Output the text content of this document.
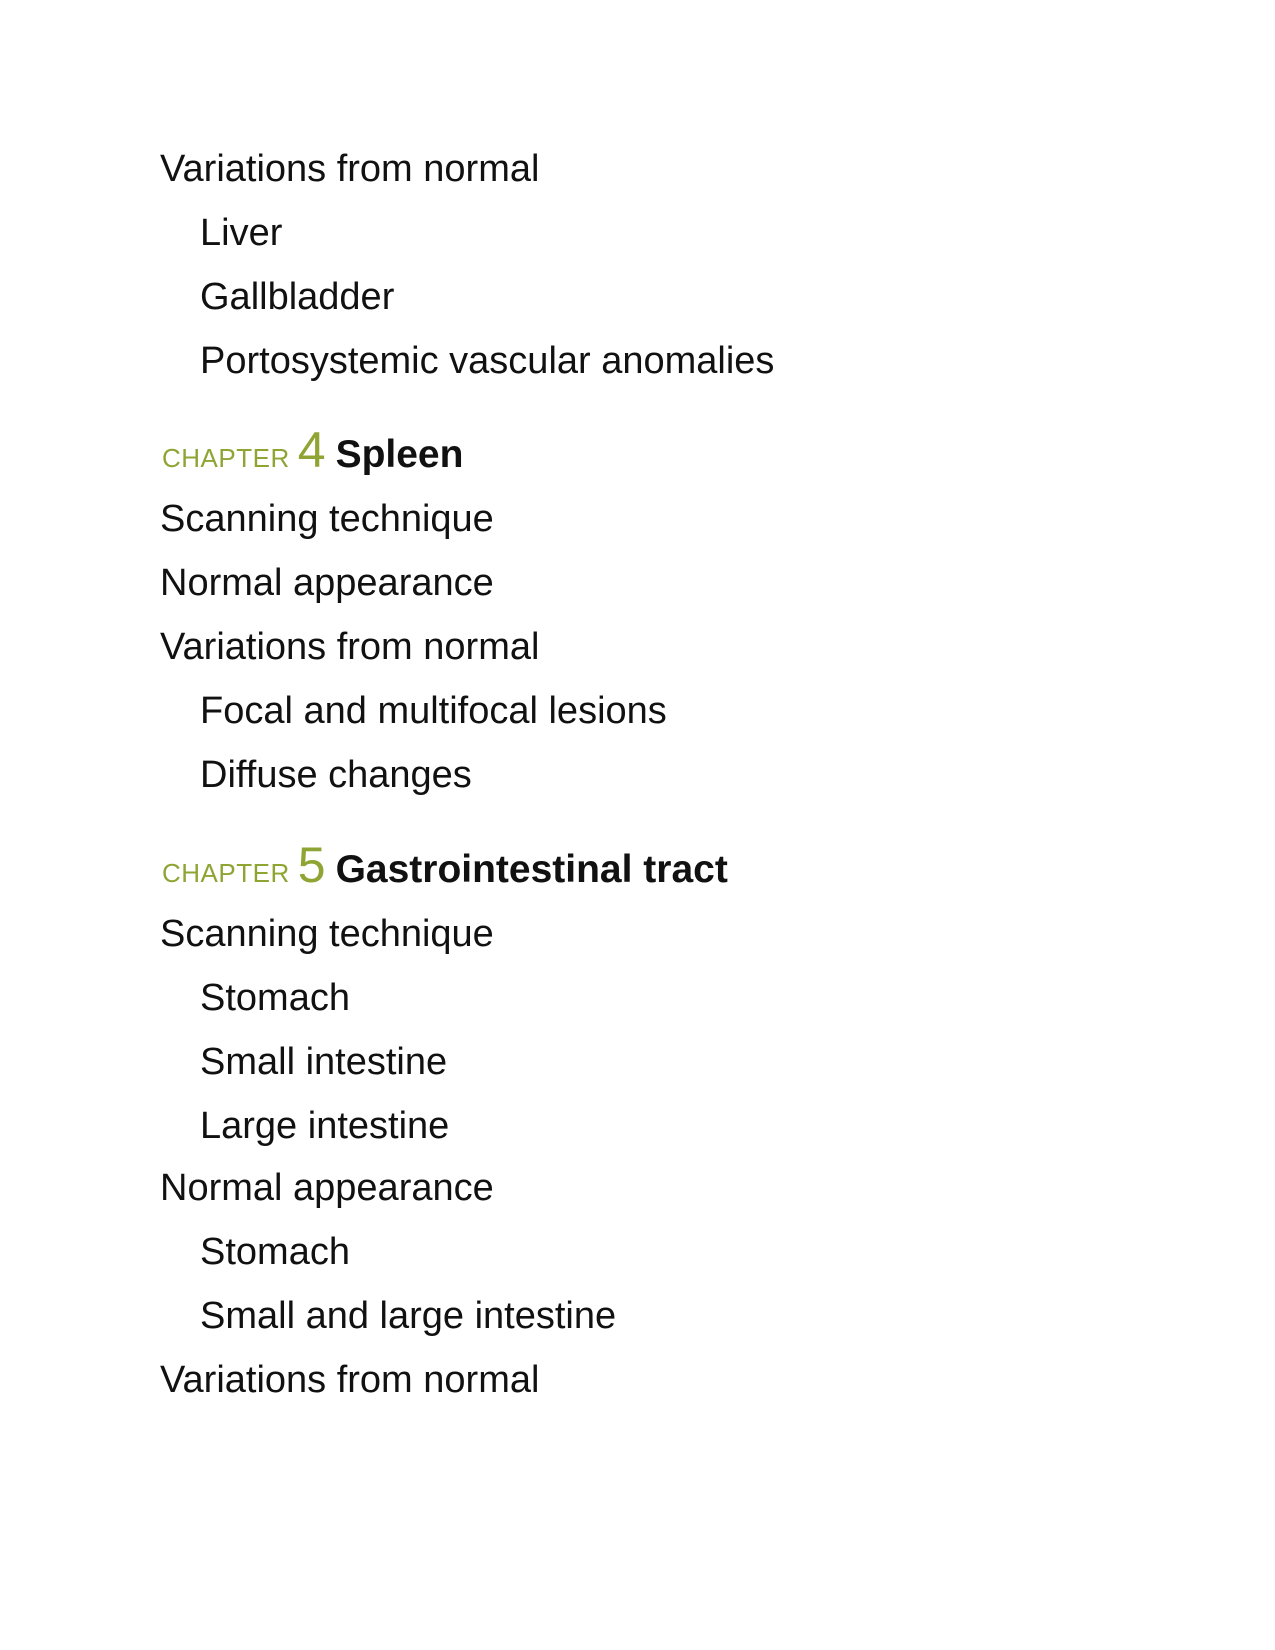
Variations from normal
Liver
Gallbladder
Portosystemic vascular anomalies
CHAPTER 4 Spleen
Scanning technique
Normal appearance
Variations from normal
Focal and multifocal lesions
Diffuse changes
CHAPTER 5 Gastrointestinal tract
Scanning technique
Stomach
Small intestine
Large intestine
Normal appearance
Stomach
Small and large intestine
Variations from normal
